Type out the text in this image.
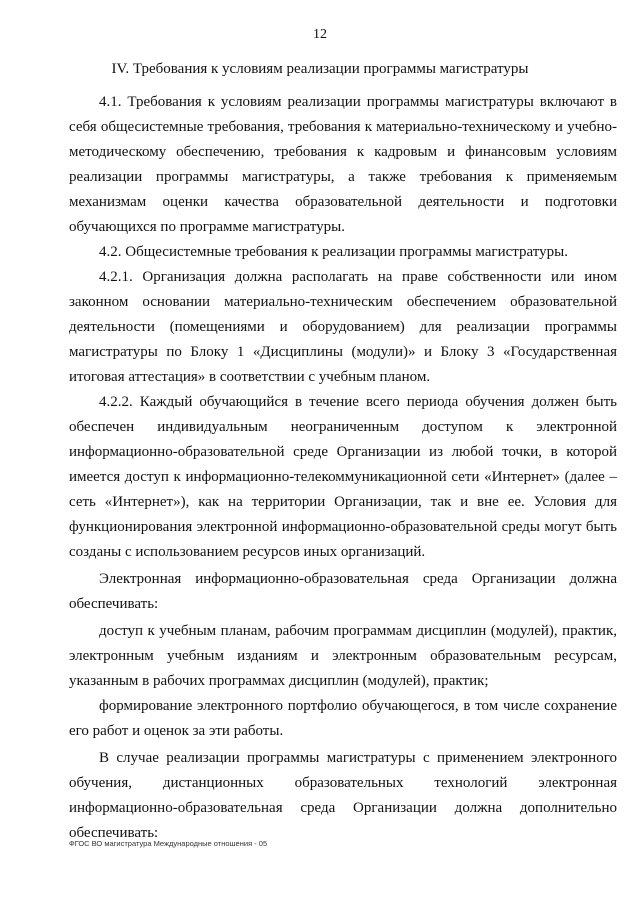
12
IV. Требования к условиям реализации программы магистратуры

4.1. Требования к условиям реализации программы магистратуры включают в себя общесистемные требования, требования к материально-техническому и учебно-методическому обеспечению, требования к кадровым и финансовым условиям реализации программы магистратуры, а также требования к применяемым механизмам оценки качества образовательной деятельности и подготовки обучающихся по программе магистратуры.

4.2. Общесистемные требования к реализации программы магистратуры.

4.2.1. Организация должна располагать на праве собственности или ином законном основании материально-техническим обеспечением образовательной деятельности (помещениями и оборудованием) для реализации программы магистратуры по Блоку 1 «Дисциплины (модули)» и Блоку 3 «Государственная итоговая аттестация» в соответствии с учебным планом.

4.2.2. Каждый обучающийся в течение всего периода обучения должен быть обеспечен индивидуальным неограниченным доступом к электронной информационно-образовательной среде Организации из любой точки, в которой имеется доступ к информационно-телекоммуникационной сети «Интернет» (далее – сеть «Интернет»), как на территории Организации, так и вне ее. Условия для функционирования электронной информационно-образовательной среды могут быть созданы с использованием ресурсов иных организаций.

Электронная информационно-образовательная среда Организации должна обеспечивать:

доступ к учебным планам, рабочим программам дисциплин (модулей), практик, электронным учебным изданиям и электронным образовательным ресурсам, указанным в рабочих программах дисциплин (модулей), практик;

формирование электронного портфолио обучающегося, в том числе сохранение его работ и оценок за эти работы.

В случае реализации программы магистратуры с применением электронного обучения, дистанционных образовательных технологий электронная информационно-образовательная среда Организации должна дополнительно обеспечивать:

ФГОС ВО магистратура Международные отношения - 05
